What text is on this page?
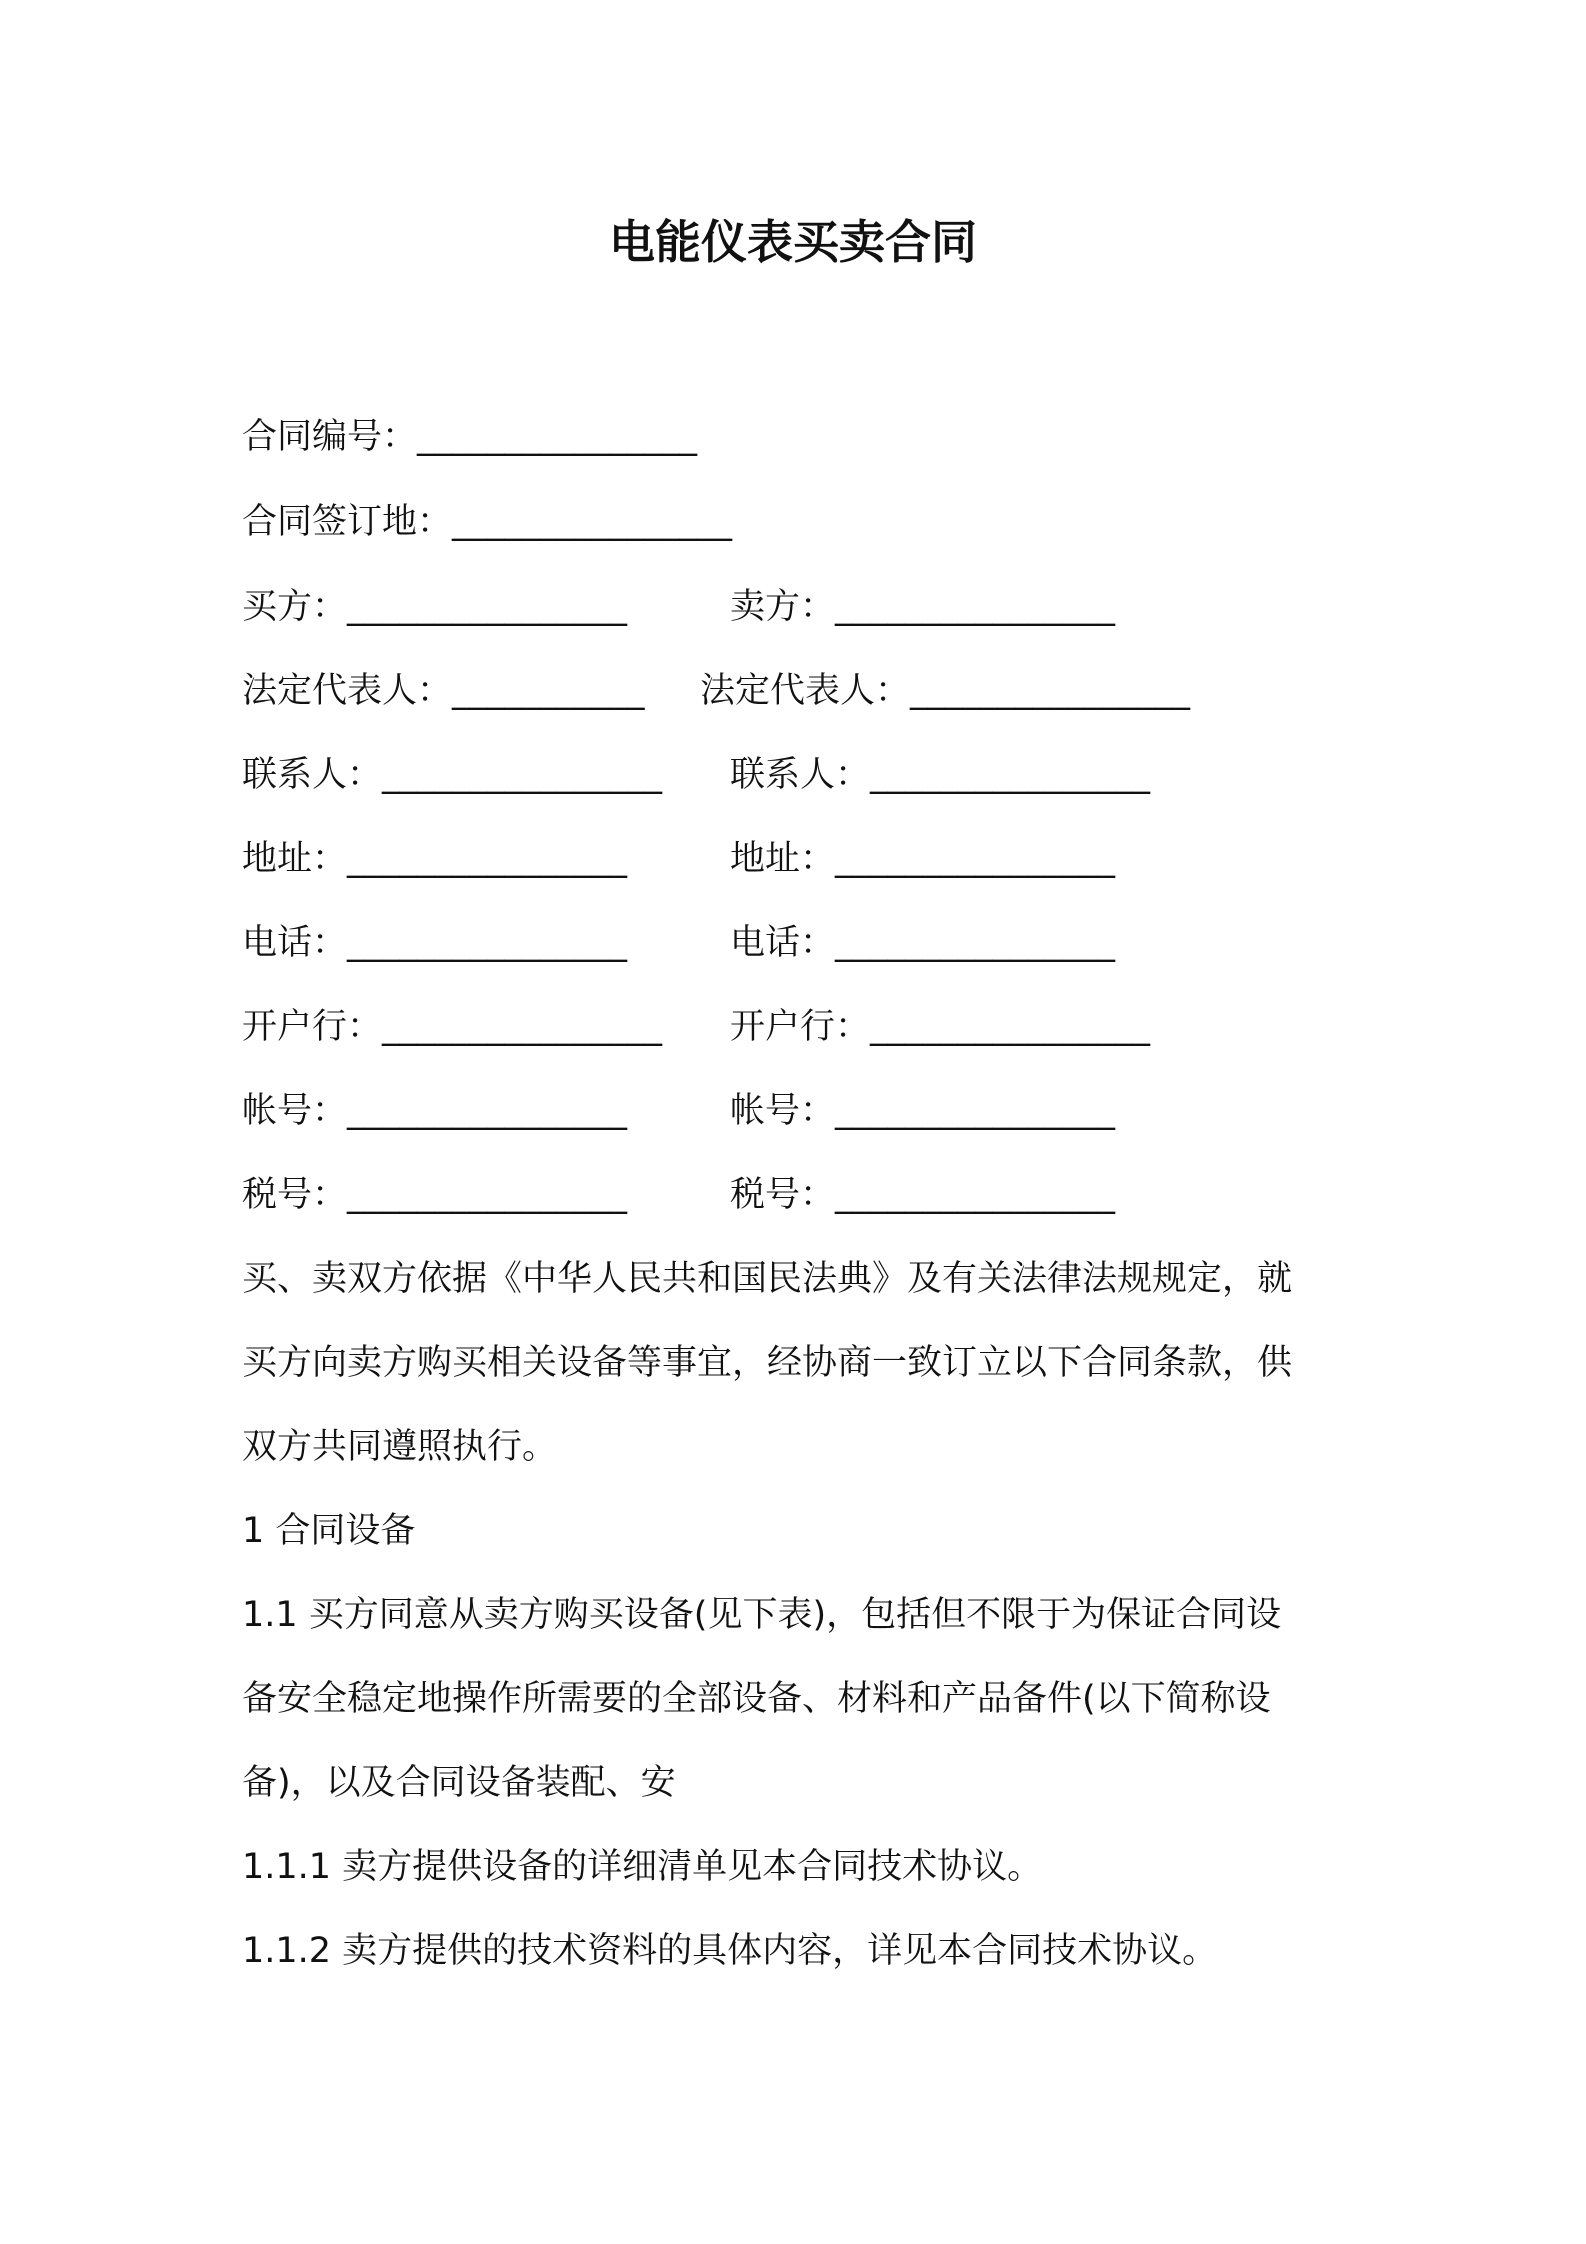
电能仪表买卖合同
合同编号：________________
合同签订地：________________
买方：________________	卖方：________________
法定代表人：___________ 法定代表人：________________
联系人：________________ 联系人：________________
地址：________________	地址：________________
电话：________________	电话：________________
开户行：________________ 开户行：________________
帐号：________________	帐号：________________
税号：________________	税号：________________
买、卖双方依据《中华人民共和国民法典》及有关法律法规规定，就
买方向卖方购买相关设备等事宜，经协商一致订立以下合同条款，供
双方共同遵照执行。
1 合同设备
1.1 买方同意从卖方购买设备(见下表)，包括但不限于为保证合同设
备安全稳定地操作所需要的全部设备、材料和产品备件(以下简称设
备)，以及合同设备装配、安
1.1.1 卖方提供设备的详细清单见本合同技术协议。
1.1.2 卖方提供的技术资料的具体内容，详见本合同技术协议。
